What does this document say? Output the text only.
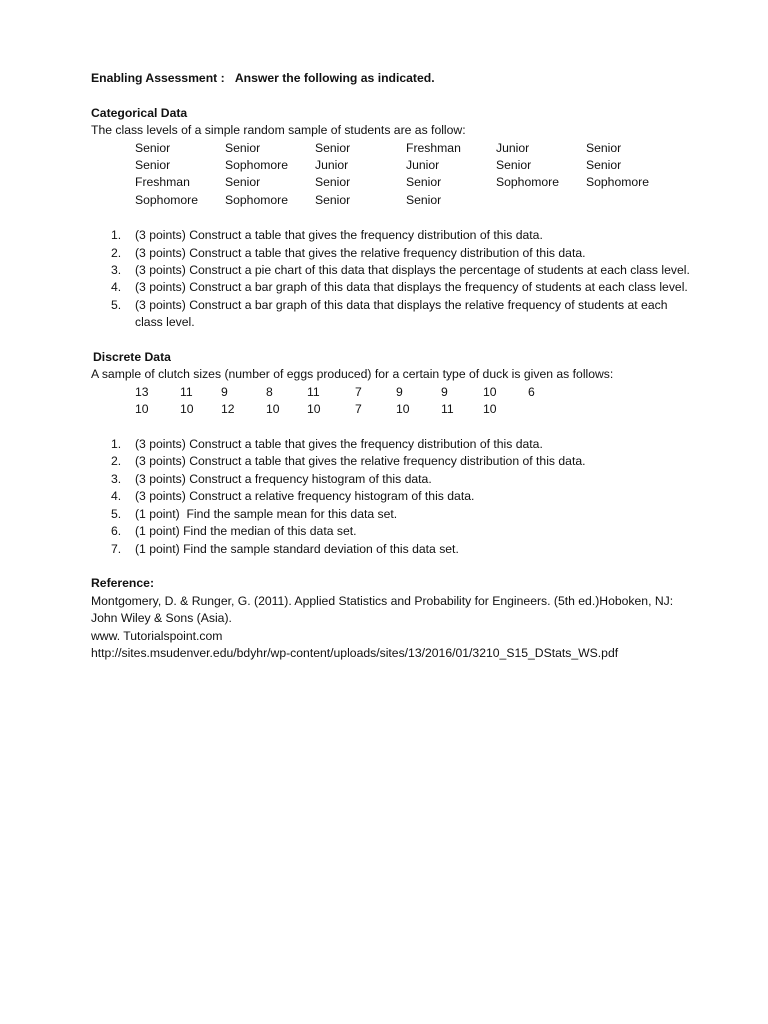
Enabling Assessment : Answer the following as indicated.
Categorical Data
The class levels of a simple random sample of students are as follow:
Senior	Senior	Senior	Freshman	Junior	Senior
Senior	Sophomore	Junior	Junior	Senior	Senior
Freshman	Senior	Senior	Senior	Sophomore	Sophomore
Sophomore	Sophomore	Senior	Senior
1.	(3 points) Construct a table that gives the frequency distribution of this data.
2.	(3 points) Construct a table that gives the relative frequency distribution of this data.
3.	(3 points) Construct a pie chart of this data that displays the percentage of students at each class level.
4.	(3 points) Construct a bar graph of this data that displays the frequency of students at each class level.
5.	(3 points) Construct a bar graph of this data that displays the relative frequency of students at each class level.
Discrete Data
A sample of clutch sizes (number of eggs produced) for a certain type of duck is given as follows:
13	11	9	8	11	7	9	9	10	6
10	10	12	10	10	7	10	11	10
1.	(3 points) Construct a table that gives the frequency distribution of this data.
2.	(3 points) Construct a table that gives the relative frequency distribution of this data.
3.	(3 points) Construct a frequency histogram of this data.
4.	(3 points) Construct a relative frequency histogram of this data.
5.	(1 point)  Find the sample mean for this data set.
6.	(1 point) Find the median of this data set.
7.	(1 point) Find the sample standard deviation of this data set.
Reference:
Montgomery, D. & Runger, G. (2011). Applied Statistics and Probability for Engineers. (5th ed.)Hoboken, NJ: John Wiley & Sons (Asia).
www. Tutorialspoint.com
http://sites.msudenver.edu/bdyhr/wp-content/uploads/sites/13/2016/01/3210_S15_DStats_WS.pdf
